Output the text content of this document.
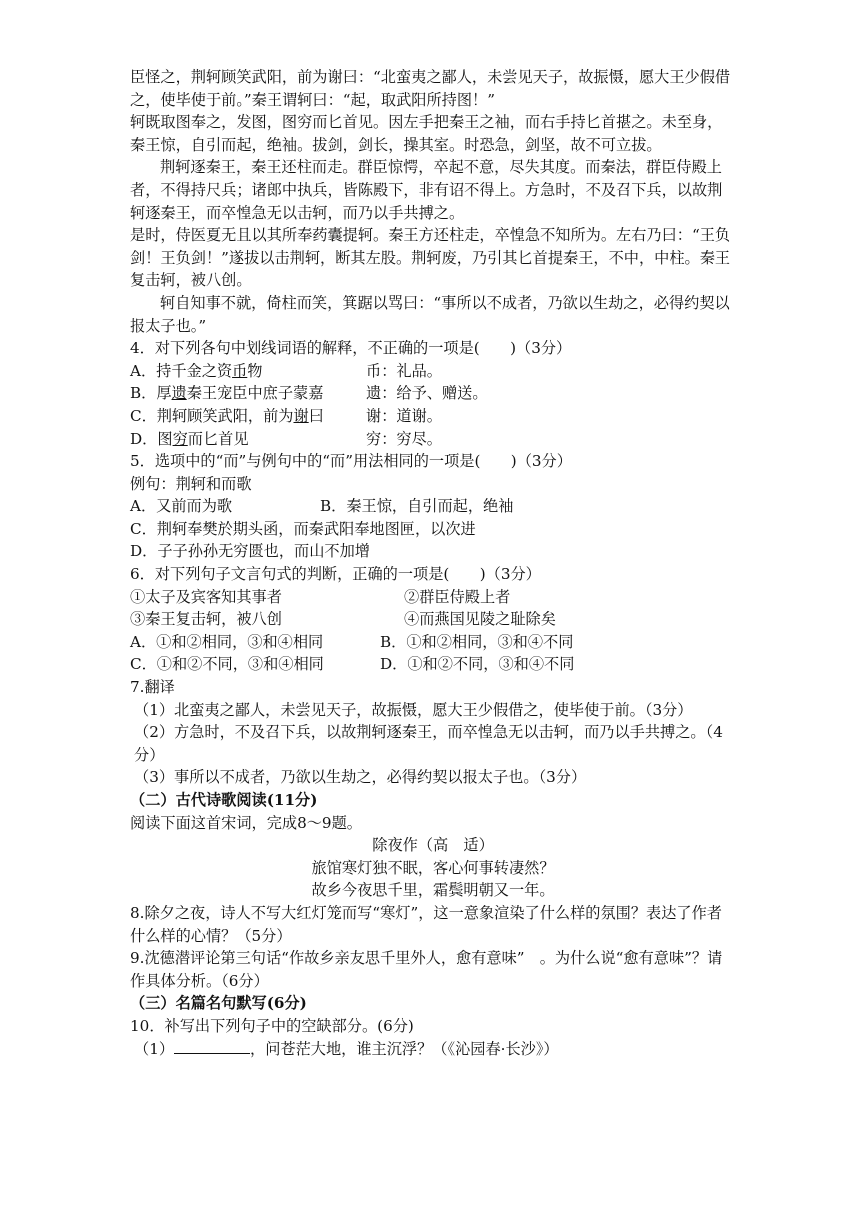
臣怪之，荆轲顾笑武阳，前为谢曰：“北蛮夷之鄙人，未尝见天子，故振慑，愿大王少假借之，使毕使于前。”秦王谓轲曰：“起，取武阳所持图！”

轲既取图奉之，发图，图穷而匕首见。因左手把秦王之袖，而右手持匕首揕之。未至身，秦王惊，自引而起，绝袖。拔剑，剑长，操其室。时恐急，剑坚，故不可立拔。

荆轲逐秦王，秦王还柱而走。群臣惊愕，卒起不意，尽失其度。而秦法，群臣侍殿上者，不得持尺兵；诸郎中执兵，皆陈殿下，非有诏不得上。方急时，不及召下兵，以故荆轲逐秦王，而卒惶急无以击轲，而乃以手共搏之。

是时，侍医夏无且以其所奉药囊提轲。秦王方还柱走，卒惶急不知所为。左右乃曰：“王负剑！王负剑！”遂拔以击荆轲，断其左股。荆轲废，乃引其匕首提秦王，不中，中柱。秦王复击轲，被八创。

轲自知事不就，倚柱而笑，箕踞以骂曰：“事所以不成者，乃欲以生劫之，必得约契以报太子也。”

4．对下列各句中划线词语的解释，不正确的一项是(　　)（3分）

A．持千金之资币物	币：礼品。
B．厚遗秦王宠臣中庶子蒙嘉	遗：给予、赠送。
C．荆轲顾笑武阳，前为谢曰	谢：道谢。
D．图穷而匕首见	穷：穷尽。

5．选项中的“而”与例句中的“而”用法相同的一项是(　　)（3分）

例句：荆轲和而歌

A．又前而为歌	B．秦王惊，自引而起，绝袖

C．荆轲奉樊於期头函，而秦武阳奉地图匣，以次进

D．子子孙孙无穷匮也，而山不加增

6．对下列句子文言句式的判断，正确的一项是(　　)（3分）

①太子及宾客知其事者	②群臣侍殿上者
③秦王复击轲，被八创	④而燕国见陵之耻除矣
A．①和②相同，③和④相同	B．①和②相同，③和④不同
C．①和②不同，③和④相同	D．①和②不同，③和④不同

7.翻译

（1）北蛮夷之鄙人，未尝见天子，故振慑，愿大王少假借之，使毕使于前。（3分）

（2）方急时，不及召下兵，以故荆轲逐秦王，而卒惶急无以击轲，而乃以手共搏之。（4分）

（3）事所以不成者，乃欲以生劫之，必得约契以报太子也。（3分）

（二）古代诗歌阅读(11分)

阅读下面这首宋词，完成8～9题。

除夜作（高　适）

旅馆寒灯独不眠，客心何事转凄然？

故乡今夜思千里，霜鬓明朝又一年。

8.除夕之夜，诗人不写大红灯笼而写“寒灯”，这一意象渲染了什么样的氛围？表达了作者什么样的心情？（5分）

9.沈德潜评论第三句话“作故乡亲友思千里外人，愈有意味”　。为什么说“愈有意味”？请作具体分析。（6分）

（三）名篇名句默写(6分)

10．补写出下列句子中的空缺部分。(6分)

（1）	，问苍茫大地，谁主沉浮？（《沁园春·长沙》）
